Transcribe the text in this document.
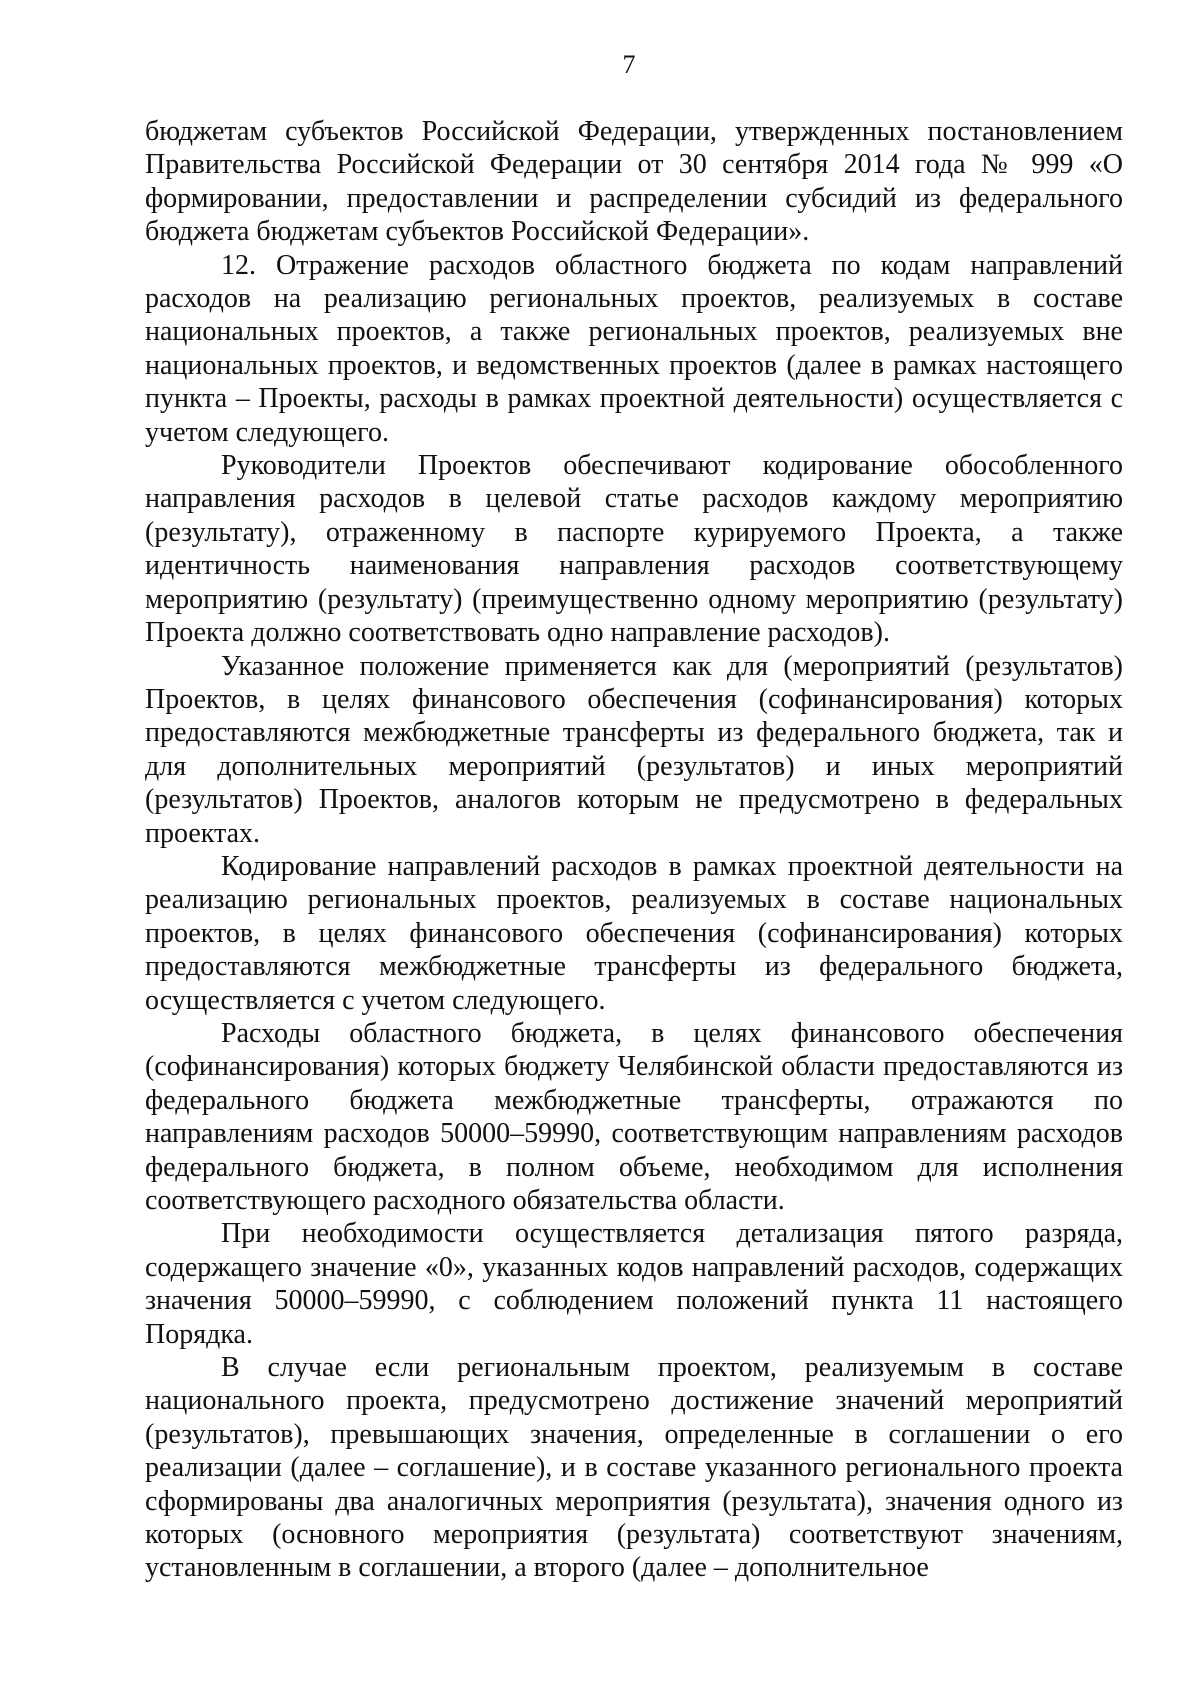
7

бюджетам субъектов Российской Федерации, утвержденных постановлением Правительства Российской Федерации от 30 сентября 2014 года № 999 «О формировании, предоставлении и распределении субсидий из федерального бюджета бюджетам субъектов Российской Федерации».

12. Отражение расходов областного бюджета по кодам направлений расходов на реализацию региональных проектов, реализуемых в составе национальных проектов, а также региональных проектов, реализуемых вне национальных проектов, и ведомственных проектов (далее в рамках настоящего пункта – Проекты, расходы в рамках проектной деятельности) осуществляется с учетом следующего.

Руководители Проектов обеспечивают кодирование обособленного направления расходов в целевой статье расходов каждому мероприятию (результату), отраженному в паспорте курируемого Проекта, а также идентичность наименования направления расходов соответствующему мероприятию (результату) (преимущественно одному мероприятию (результату) Проекта должно соответствовать одно направление расходов).

Указанное положение применяется как для (мероприятий (результатов) Проектов, в целях финансового обеспечения (софинансирования) которых предоставляются межбюджетные трансферты из федерального бюджета, так и для дополнительных мероприятий (результатов) и иных мероприятий (результатов) Проектов, аналогов которым не предусмотрено в федеральных проектах.

Кодирование направлений расходов в рамках проектной деятельности на реализацию региональных проектов, реализуемых в составе национальных проектов, в целях финансового обеспечения (софинансирования) которых предоставляются межбюджетные трансферты из федерального бюджета, осуществляется с учетом следующего.

Расходы областного бюджета, в целях финансового обеспечения (софинансирования) которых бюджету Челябинской области предоставляются из федерального бюджета межбюджетные трансферты, отражаются по направлениям расходов 50000–59990, соответствующим направлениям расходов федерального бюджета, в полном объеме, необходимом для исполнения соответствующего расходного обязательства области.

При необходимости осуществляется детализация пятого разряда, содержащего значение «0», указанных кодов направлений расходов, содержащих значения 50000–59990, с соблюдением положений пункта 11 настоящего Порядка.

В случае если региональным проектом, реализуемым в составе национального проекта, предусмотрено достижение значений мероприятий (результатов), превышающих значения, определенные в соглашении о его реализации (далее – соглашение), и в составе указанного регионального проекта сформированы два аналогичных мероприятия (результата), значения одного из которых (основного мероприятия (результата) соответствуют значениям, установленным в соглашении, а второго (далее – дополнительное
